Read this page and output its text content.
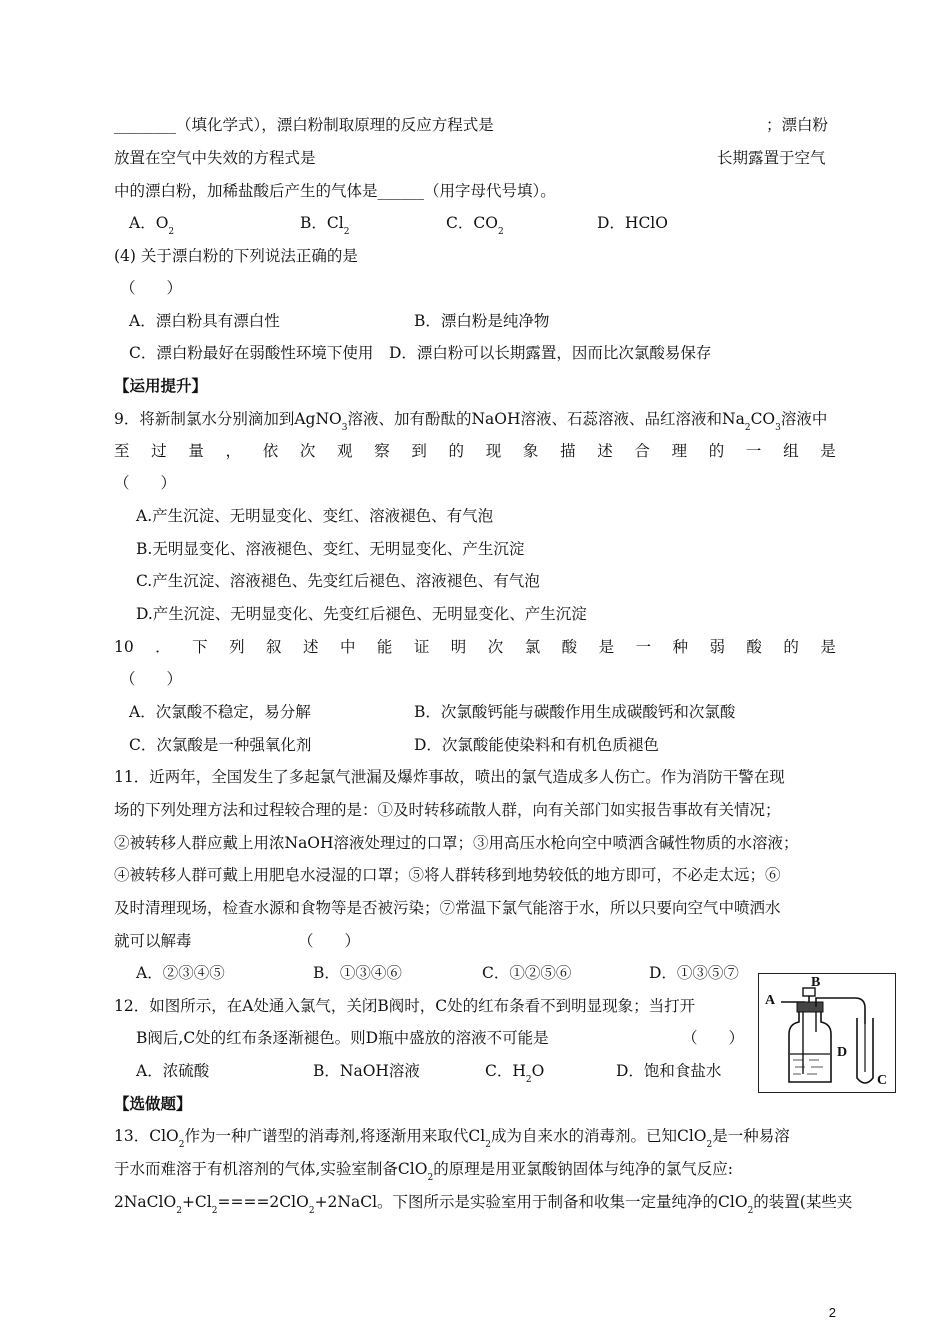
________（填化学式），漂白粉制取原理的反应方程式是	；漂白粉
放置在空气中失效的方程式是	长期露置于空气
中的漂白粉，加稀盐酸后产生的气体是______（用字母代号填）。
A．$O_2$	B．$Cl_2$	C．$CO_2$	D．HClO
(4) 关于漂白粉的下列说法正确的是
（　　）
A．漂白粉具有漂白性	B．漂白粉是纯净物
C．漂白粉最好在弱酸性环境下使用 D．漂白粉可以长期露置，因而比次氯酸易保存
【运用提升】
9．将新制氯水分别滴加到AgNO$_3$溶液、加有酚酞的NaOH溶液、石蕊溶液、品红溶液和$Na_2CO_3$溶液中
至 过 量 ， 依 次 观 察 到 的 现 象 描 述 合 理 的 一 组 是
（　　）
A.产生沉淀、无明显变化、变红、溶液褪色、有气泡
B.无明显变化、溶液褪色、变红、无明显变化、产生沉淀
C.产生沉淀、溶液褪色、先变红后褪色、溶液褪色、有气泡
D.产生沉淀、无明显变化、先变红后褪色、无明显变化、产生沉淀
10 ． 下 列 叙 述 中 能 证 明 次 氯 酸 是 一 种 弱 酸 的 是
（　　）
A．次氯酸不稳定，易分解	B．次氯酸钙能与碳酸作用生成碳酸钙和次氯酸
C．次氯酸是一种强氧化剂	D．次氯酸能使染料和有机色质褪色
11．近两年，全国发生了多起氯气泄漏及爆炸事故，喷出的氯气造成多人伤亡。作为消防干警在现
场的下列处理方法和过程较合理的是：①及时转移疏散人群，向有关部门如实报告事故有关情况；
②被转移人群应戴上用浓NaOH溶液处理过的口罩；③用高压水枪向空中喷洒含碱性物质的水溶液；
④被转移人群可戴上用肥皂水浸湿的口罩；⑤将人群转移到地势较低的地方即可，不必走太远；⑥
及时清理现场，检查水源和食物等是否被污染；⑦常温下氯气能溶于水，所以只要向空气中喷洒水
就可以解毒	（　　）
A．②③④⑤	B．①③④⑥	C．①②⑤⑥	D．①③⑤⑦
12．如图所示，在A处通入氯气，关闭B阀时，C处的红布条看不到明显现象；当打开
B阀后,C处的红布条逐渐褪色。则D瓶中盛放的溶液不可能是	（　　）
A．浓硫酸	B．NaOH溶液	C．$H_2O$	D．饱和食盐水
A
B
D
C
【选做题】
13．ClO$_2$作为一种广谱型的消毒剂,将逐渐用来取代$Cl_2$成为自来水的消毒剂。已知ClO$_2$是一种易溶
于水而难溶于有机溶剂的气体,实验室制备ClO$_2$的原理是用亚氯酸钠固体与纯净的氯气反应:
$2NaClO_2+Cl_2====2ClO_2+2NaCl$。下图所示是实验室用于制备和收集一定量纯净的ClO$_2$的装置(某些夹
2
